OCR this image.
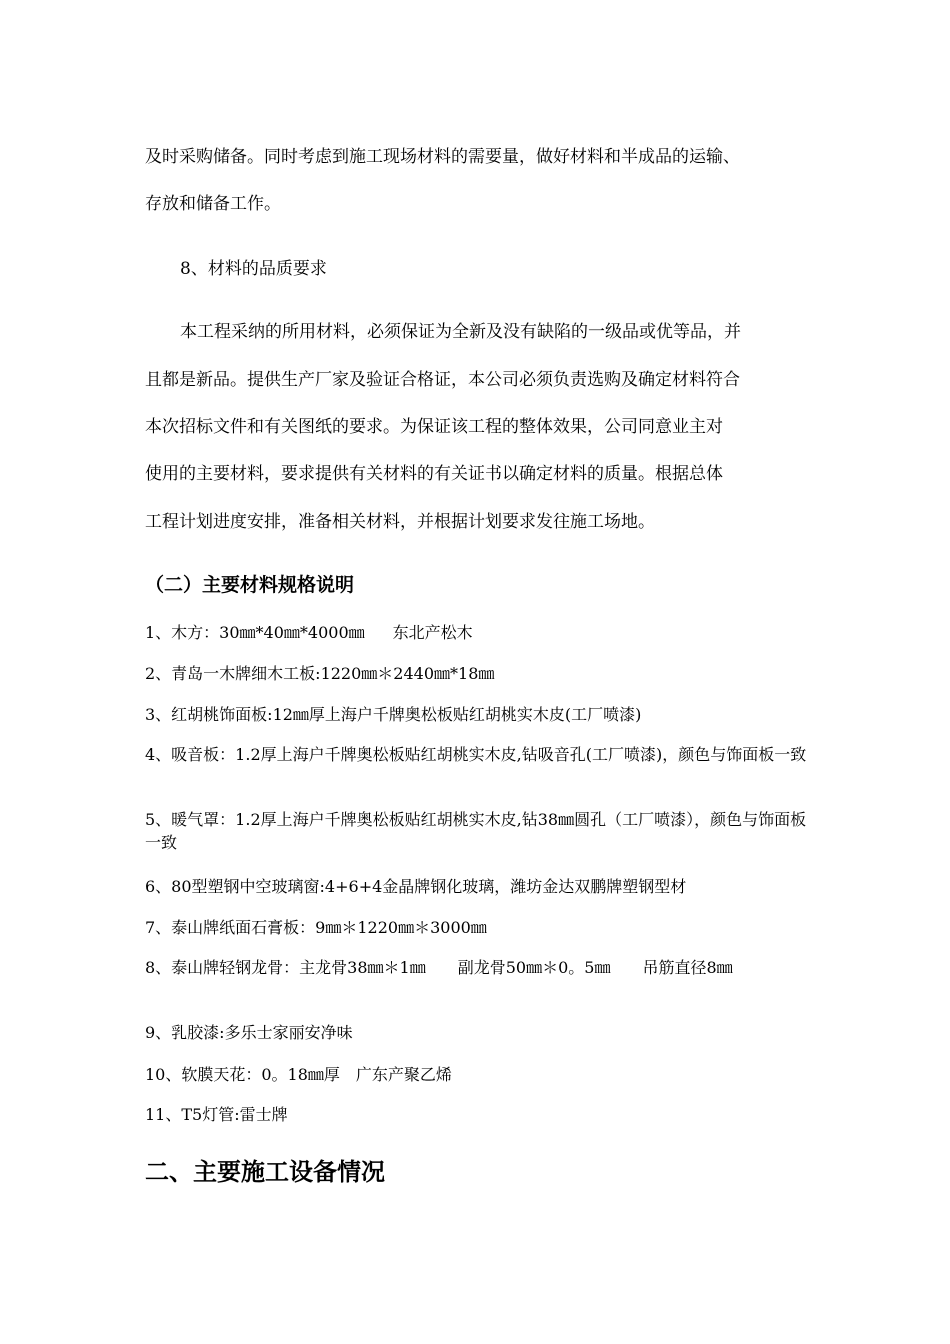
及时采购储备。同时考虑到施工现场材料的需要量，做好材料和半成品的运输、
存放和储备工作。
8、材料的品质要求
本工程采纳的所用材料，必须保证为全新及没有缺陷的一级品或优等品，并
且都是新品。提供生产厂家及验证合格证，本公司必须负责选购及确定材料符合
本次招标文件和有关图纸的要求。为保证该工程的整体效果，公司同意业主对
使用的主要材料，要求提供有关材料的有关证书以确定材料的质量。根据总体
工程计划进度安排，准备相关材料，并根据计划要求发往施工场地。
（二）主要材料规格说明
1、木方：30㎜*40㎜*4000㎜ 东北产松木
2、青岛一木牌细木工板:1220㎜＊2440㎜*18㎜
3、红胡桃饰面板:12㎜厚上海户千牌奥松板贴红胡桃实木皮(工厂喷漆)
4、吸音板：1.2厚上海户千牌奥松板贴红胡桃实木皮,钻吸音孔(工厂喷漆)，颜色与饰面板一致
5、暖气罩：1.2厚上海户千牌奥松板贴红胡桃实木皮,钻38㎜圆孔（工厂喷漆），颜色与饰面板一致
6、80型塑钢中空玻璃窗:4+6+4金晶牌钢化玻璃，潍坊金达双鹏牌塑钢型材
7、泰山牌纸面石膏板：9㎜＊1220㎜＊3000㎜
8、泰山牌轻钢龙骨：主龙骨38㎜＊1㎜　　副龙骨50㎜＊0。5㎜　　吊筋直径8㎜
9、乳胶漆:多乐士家丽安净味
10、软膜天花：0。18㎜厚　广东产聚乙烯
11、T5灯管:雷士牌
二、主要施工设备情况
